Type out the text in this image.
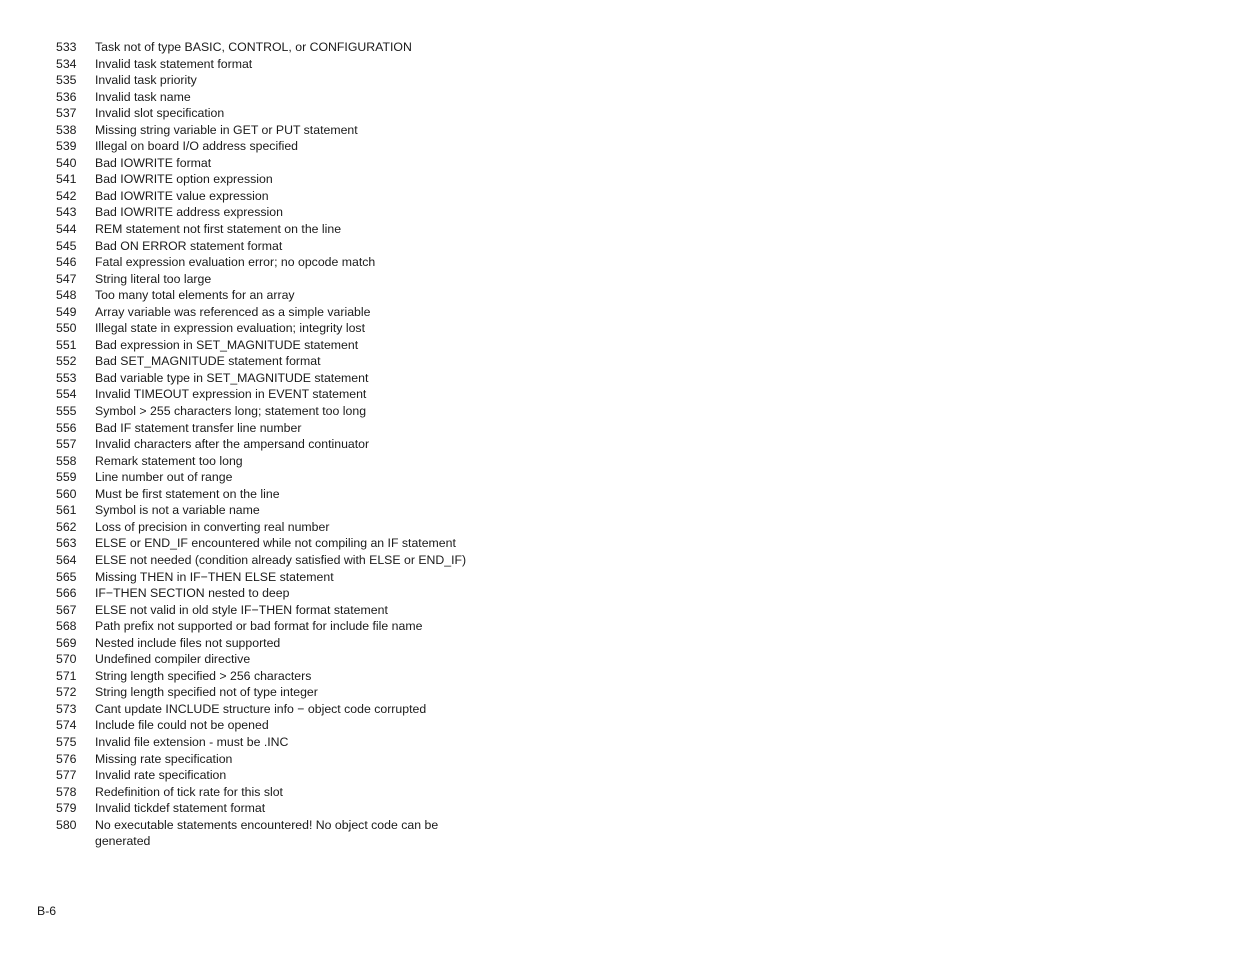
533	Task not of type BASIC, CONTROL, or CONFIGURATION
534	Invalid task statement format
535	Invalid task priority
536	Invalid task name
537	Invalid slot specification
538	Missing string variable in GET or PUT statement
539	Illegal on board I/O address specified
540	Bad IOWRITE format
541	Bad IOWRITE option expression
542	Bad IOWRITE value expression
543	Bad IOWRITE address expression
544	REM statement not first statement on the line
545	Bad ON ERROR statement format
546	Fatal expression evaluation error; no opcode match
547	String literal too large
548	Too many total elements for an array
549	Array variable was referenced as a simple variable
550	Illegal state in expression evaluation; integrity lost
551	Bad expression in SET_MAGNITUDE statement
552	Bad SET_MAGNITUDE statement format
553	Bad variable type in SET_MAGNITUDE statement
554	Invalid TIMEOUT expression in EVENT statement
555	Symbol > 255 characters long; statement too long
556	Bad IF statement transfer line number
557	Invalid characters after the ampersand continuator
558	Remark statement too long
559	Line number out of range
560	Must be first statement on the line
561	Symbol is not a variable name
562	Loss of precision in converting real number
563	ELSE or END_IF encountered while not compiling an IF statement
564	ELSE not needed (condition already satisfied with ELSE or END_IF)
565	Missing THEN in IF−THEN ELSE statement
566	IF−THEN SECTION nested to deep
567	ELSE not valid in old style IF−THEN format statement
568	Path prefix not supported or bad format for include file name
569	Nested include files not supported
570	Undefined compiler directive
571	String length specified > 256 characters
572	String length specified not of type integer
573	Cant update INCLUDE structure info − object code corrupted
574	Include file could not be opened
575	Invalid file extension - must be .INC
576	Missing rate specification
577	Invalid rate specification
578	Redefinition of tick rate for this slot
579	Invalid tickdef statement format
580	No executable statements encountered! No object code can be generated
B-6
